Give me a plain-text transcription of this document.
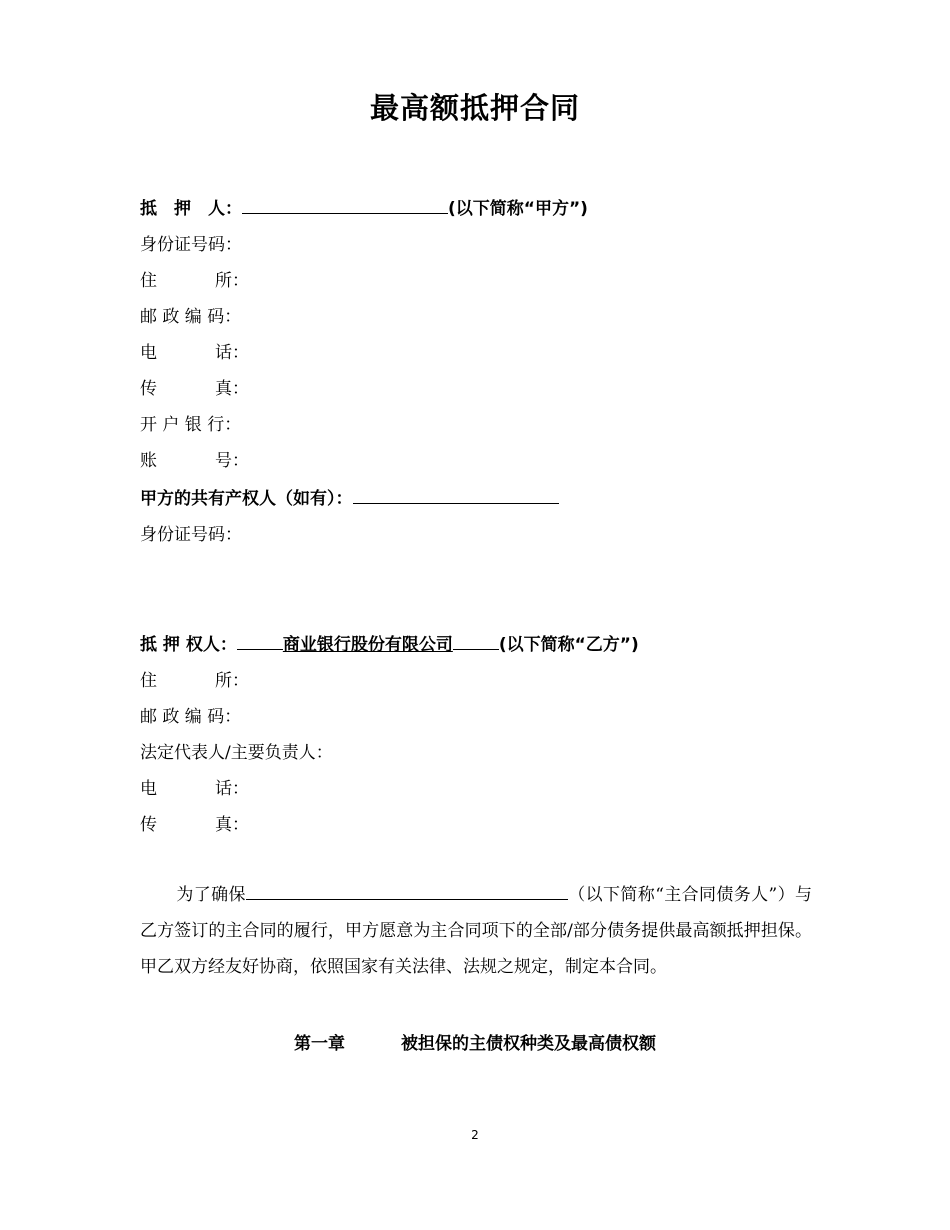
最高额抵押合同
抵　押　人：	(以下简称“甲方”)
身份证号码：
住	所：
邮 政 编 码：
电	话：
传	真：
开 户 银 行：
账	号：
甲方的共有产权人（如有）：
身份证号码：
抵 押 权人：	商业银行股份有限公司	(以下简称“乙方”)
住	所：
邮 政 编 码：
法定代表人/主要负责人：
电	话：
传	真：
为了确保	（以下简称“主合同债务人”）与乙方签订的主合同的履行，甲方愿意为主合同项下的全部/部分债务提供最高额抵押担保。甲乙双方经友好协商，依照国家有关法律、法规之规定，制定本合同。
第一章	被担保的主债权种类及最高债权额
2
